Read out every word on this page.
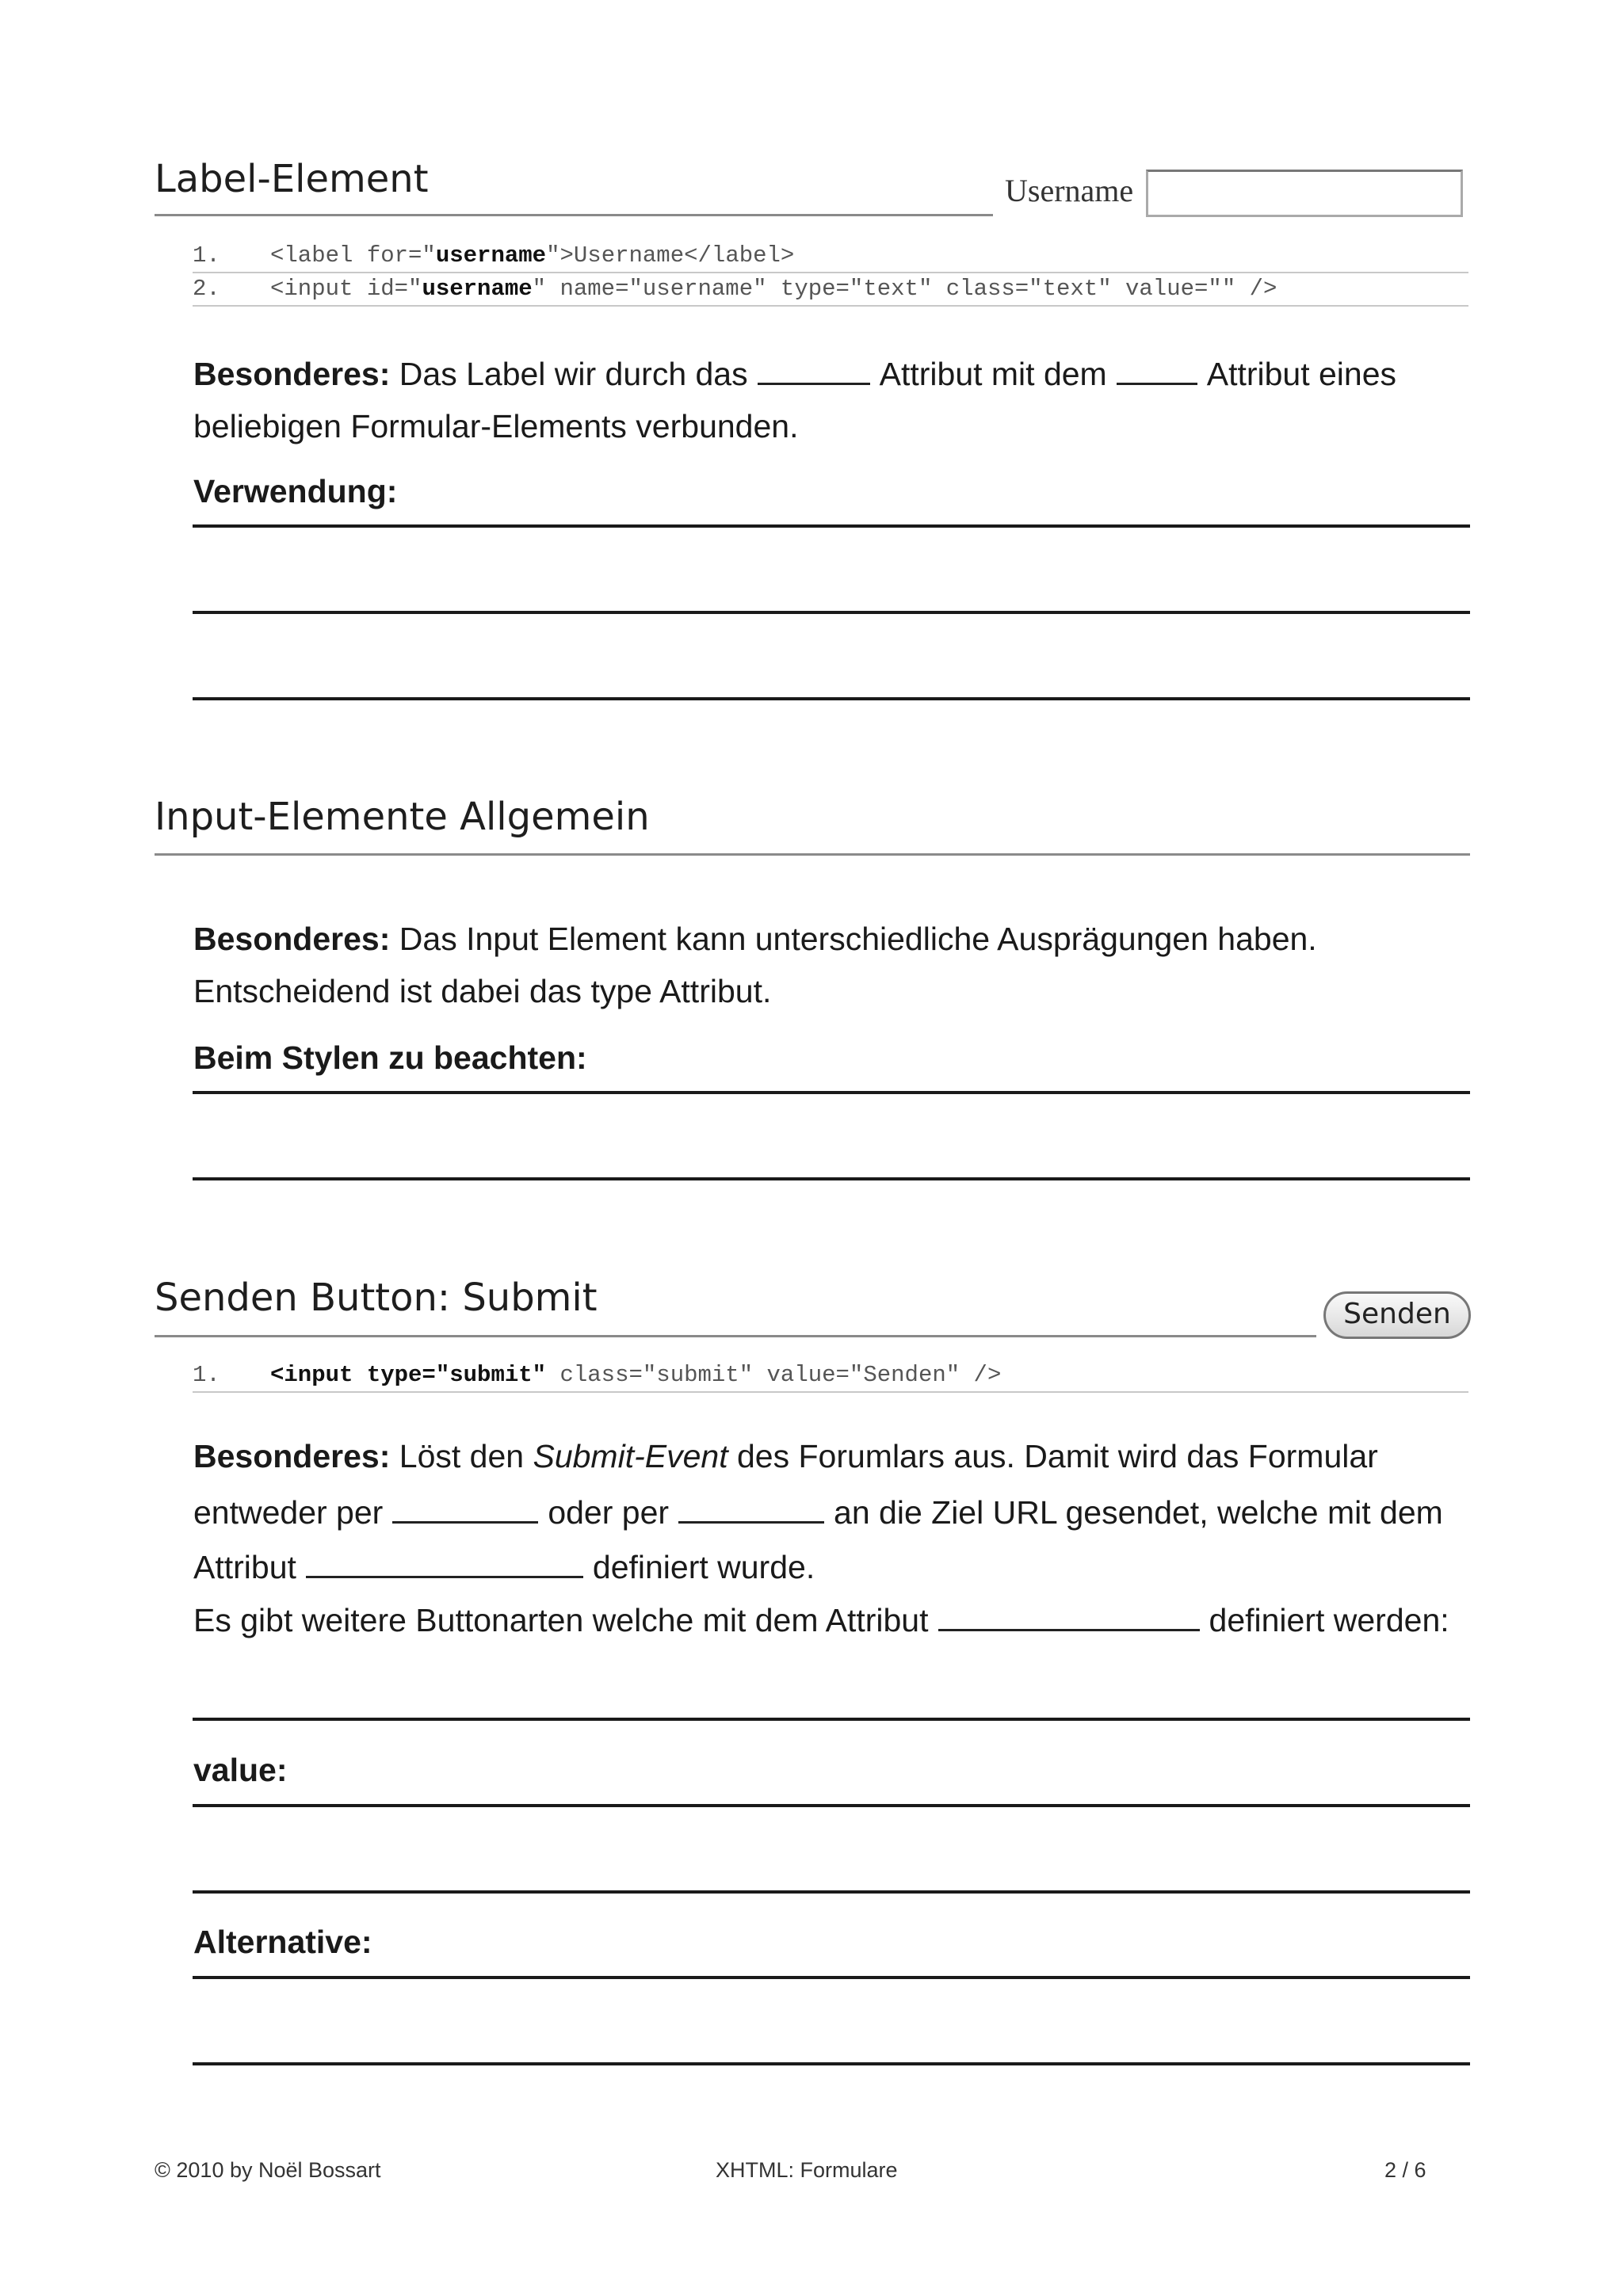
Label-Element	Username
1. <label for="username">Username</label>
2. <input id="username" name="username" type="text" class="text" value="" />
Besonderes: Das Label wir durch das	Attribut mit dem	Attribut eines
beliebigen Formular-Elements verbunden.
Verwendung:
Input-Elemente Allgemein
Besonderes: Das Input Element kann unterschiedliche Ausprägungen haben.
Entscheidend ist dabei das type Attribut.
Beim Stylen zu beachten:
Senden Button: Submit	Senden
1. <input type="submit" class="submit" value="Senden" />
Besonderes: Löst den Submit-Event des Forumlars aus. Damit wird das Formular
entweder per	oder per	an die Ziel URL gesendet, welche mit dem
Attribut	definiert wurde.
Es gibt weitere Buttonarten welche mit dem Attribut	definiert werden:
value:
Alternative:
© 2010 by Noël Bossart	XHTML: Formulare	2 / 6
